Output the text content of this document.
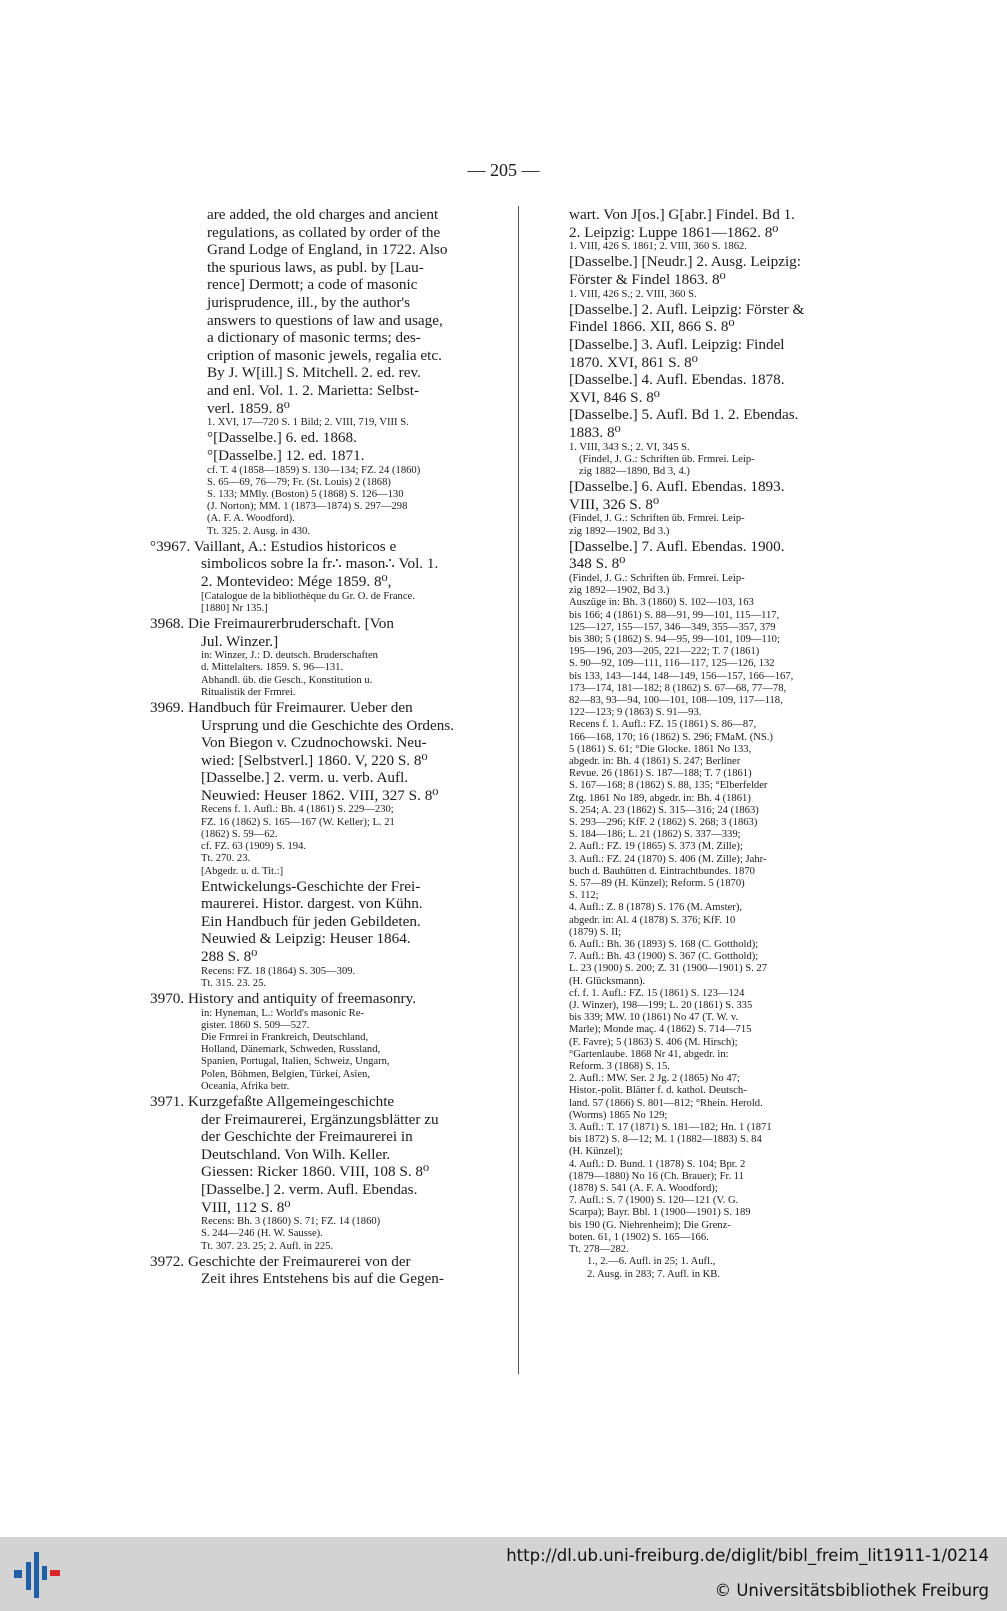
— 205 —
are added, the old charges and ancient
regulations, as collated by order of the
Grand Lodge of England, in 1722. Also
the spurious laws, as publ. by [Lau-
rence] Dermott; a code of masonic
jurisprudence, ill., by the author's
answers to questions of law and usage,
a dictionary of masonic terms; des-
cription of masonic jewels, regalia etc.
By J. W[ill.] S. Mitchell. 2. ed. rev.
and enl. Vol. 1. 2. Marietta: Selbst-
verl. 1859. 8⁰
1. XVI, 17—720 S. 1 Bild; 2. VIII, 719, VIII S.
°[Dasselbe.] 6. ed. 1868.
°[Dasselbe.] 12. ed. 1871.
cf. T. 4 (1858—1859) S. 130—134; FZ. 24 (1860)
S. 65—69, 76—79; Fr. (St. Louis) 2 (1868)
S. 133; MMly. (Boston) 5 (1868) S. 126—130
(J. Norton); MM. 1 (1873—1874) S. 297—298
(A. F. A. Woodford).
Tt. 325. 2. Ausg. in 430.
°3967. Vaillant, A.: Estudios historicos e
simbolicos sobre la fr∴ mason∴ Vol. 1.
2. Montevideo: Mége 1859. 8⁰,
[Catalogue de la bibliothèque du Gr. O. de France.
[1880] Nr 135.]
3968. Die Freimaurerbruderschaft. [Von
Jul. Winzer.]
in: Winzer, J.: D. deutsch. Bruderschaften
d. Mittelalters. 1859. S. 96—131.
Abhandl. üb. die Gesch., Konstitution u.
Ritualistik der Frmrei.
3969. Handbuch für Freimaurer. Ueber den
Ursprung und die Geschichte des Ordens.
Von Biegon v. Czudnochowski. Neu-
wied: [Selbstverl.] 1860. V, 220 S. 8⁰
[Dasselbe.] 2. verm. u. verb. Aufl.
Neuwied: Heuser 1862. VIII, 327 S. 8⁰
Recens f. 1. Aufl.: Bh. 4 (1861) S. 229—230;
FZ. 16 (1862) S. 165—167 (W. Keller); L. 21
(1862) S. 59—62.
cf. FZ. 63 (1909) S. 194.
Tt. 270. 23.
[Abgedr. u. d. Tit.:]
Entwickelungs-Geschichte der Frei-
maurerei. Histor. dargest. von Kühn.
Ein Handbuch für jeden Gebildeten.
Neuwied & Leipzig: Heuser 1864.
288 S. 8⁰
Recens: FZ. 18 (1864) S. 305—309.
Tt. 315. 23. 25.
3970. History and antiquity of freemasonry.
in: Hyneman, L.: World's masonic Re-
gister. 1860 S. 509—527.
Die Frmrei in Frankreich, Deutschland,
Holland, Dänemark, Schweden, Russland,
Spanien, Portugal, Italien, Schweiz, Ungarn,
Polen, Böhmen, Belgien, Türkei, Asien,
Oceania, Afrika betr.
3971. Kurzgefaßte Allgemeingeschichte
der Freimaurerei, Ergänzungsblätter zu
der Geschichte der Freimaurerei in
Deutschland. Von Wilh. Keller.
Giessen: Ricker 1860. VIII, 108 S. 8⁰
[Dasselbe.] 2. verm. Aufl. Ebendas.
VIII, 112 S. 8⁰
Recens: Bh. 3 (1860) S. 71; FZ. 14 (1860)
S. 244—246 (H. W. Sausse).
Tt. 307. 23. 25; 2. Aufl. in 225.
3972. Geschichte der Freimaurerei von der
Zeit ihres Entstehens bis auf die Gegen-
wart. Von J[os.] G[abr.] Findel. Bd 1.
2. Leipzig: Luppe 1861—1862. 8⁰
1. VIII, 426 S. 1861; 2. VIII, 360 S. 1862.
[Dasselbe.] [Neudr.] 2. Ausg. Leipzig:
Förster & Findel 1863. 8⁰
1. VIII, 426 S.; 2. VIII, 360 S.
[Dasselbe.] 2. Aufl. Leipzig: Förster &
Findel 1866. XII, 866 S. 8⁰
[Dasselbe.] 3. Aufl. Leipzig: Findel
1870. XVI, 861 S. 8⁰
[Dasselbe.] 4. Aufl. Ebendas. 1878.
XVI, 846 S. 8⁰
[Dasselbe.] 5. Aufl. Bd 1. 2. Ebendas.
1883. 8⁰
1. VIII, 343 S.; 2. VI, 345 S.
(Findel, J. G.: Schriften üb. Frmrei. Leip-
zig 1882—1890, Bd 3, 4.)
[Dasselbe.] 6. Aufl. Ebendas. 1893.
VIII, 326 S. 8⁰
(Findel, J. G.: Schriften üb. Frmrei. Leip-
zig 1892—1902, Bd 3.)
[Dasselbe.] 7. Aufl. Ebendas. 1900.
348 S. 8⁰
(Findel, J. G.: Schriften üb. Frmrei. Leip-
zig 1892—1902, Bd 3.)
Auszüge in: Bh. 3 (1860) S. 102—103, 163
bis 166; 4 (1861) S. 88—91, 99—101, 115—117,
125—127, 155—157, 346—349, 355—357, 379
bis 380; 5 (1862) S. 94—95, 99—101, 109—110;
195—196, 203—205, 221—222; T. 7 (1861)
S. 90—92, 109—111, 116—117, 125—126, 132
bis 133, 143—144, 148—149, 156—157, 166—167,
173—174, 181—182; 8 (1862) S. 67—68, 77—78,
82—83, 93—94, 100—101, 108—109, 117—118,
122—123; 9 (1863) S. 91—93.
Recens f. 1. Aufl.: FZ. 15 (1861) S. 86—87,
166—168, 170; 16 (1862) S. 296; FMaM. (NS.)
5 (1861) S. 61; °Die Glocke. 1861 No 133,
abgedr. in: Bh. 4 (1861) S. 247; Berliner
Revue. 26 (1861) S. 187—188; T. 7 (1861)
S. 167—168; 8 (1862) S. 88, 135; °Elberfelder
Ztg. 1861 No 189, abgedr. in: Bh. 4 (1861)
S. 254; A. 23 (1862) S. 315—316; 24 (1863)
S. 293—296; KfF. 2 (1862) S. 268; 3 (1863)
S. 184—186; L. 21 (1862) S. 337—339;
2. Aufl.: FZ. 19 (1865) S. 373 (M. Zille);
3. Aufl.: FZ. 24 (1870) S. 406 (M. Zille); Jahr-
buch d. Bauhütten d. Eintrachtbundes. 1870
S. 57—89 (H. Künzel); Reform. 5 (1870)
S. 112;
4. Aufl.: Z. 8 (1878) S. 176 (M. Amster),
abgedr. in: Al. 4 (1878) S. 376; KfF. 10
(1879) S. II;
6. Aufl.: Bh. 36 (1893) S. 168 (C. Gotthold);
7. Aufl.: Bh. 43 (1900) S. 367 (C. Gotthold);
L. 23 (1900) S. 200; Z. 31 (1900—1901) S. 27
(H. Glücksmann).
cf. f. 1. Aufl.: FZ. 15 (1861) S. 123—124
(J. Winzer), 198—199; L. 20 (1861) S. 335
bis 339; MW. 10 (1861) No 47 (T. W. v.
Marle); Monde maç. 4 (1862) S. 714—715
(F. Favre); 5 (1863) S. 406 (M. Hirsch);
°Gartenlaube. 1868 Nr 41, abgedr. in:
Reform. 3 (1868) S. 15.
2. Aufl.: MW. Ser. 2 Jg. 2 (1865) No 47;
Histor.-polit. Blätter f. d. kathol. Deutsch-
land. 57 (1866) S. 801—812; °Rhein. Herold.
(Worms) 1865 No 129;
3. Aufl.: T. 17 (1871) S. 181—182; Hn. 1 (1871
bis 1872) S. 8—12; M. 1 (1882—1883) S. 84
(H. Künzel);
4. Aufl.: D. Bund. 1 (1878) S. 104; Bpr. 2
(1879—1880) No 16 (Ch. Brauer); Fr. 11
(1878) S. 541 (A. F. A. Woodford);
7. Aufl.: S. 7 (1900) S. 120—121 (V. G.
Scarpa); Bayr. Bbl. 1 (1900—1901) S. 189
bis 190 (G. Niehrenheim); Die Grenz-
boten. 61, 1 (1902) S. 165—166.
Tt. 278—282.
1., 2.—6. Aufl. in 25; 1. Aufl.,
2. Ausg. in 283; 7. Aufl. in KB.
http://dl.ub.uni-freiburg.de/diglit/bibl_freim_lit1911-1/0214
© Universitätsbibliothek Freiburg
